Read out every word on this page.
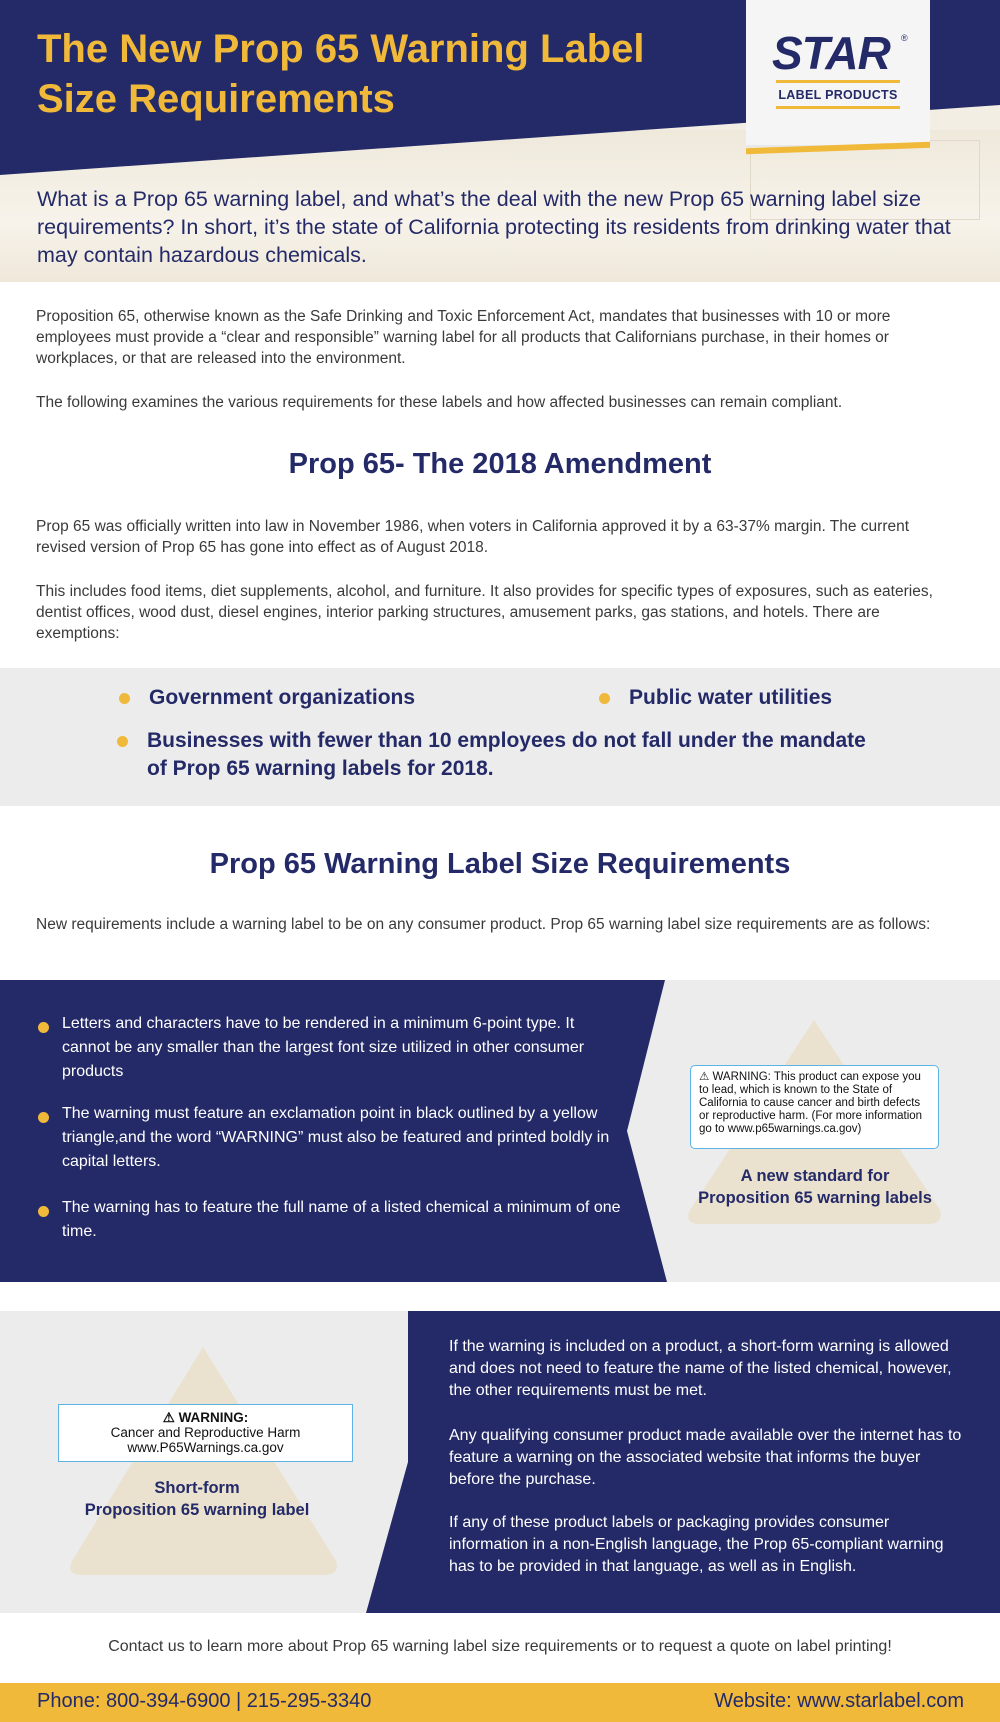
The New Prop 65 Warning Label
Size Requirements

What is a Prop 65 warning label, and what’s the deal with the new Prop 65 warning label size requirements? In short, it’s the state of California protecting its residents from drinking water that may contain hazardous chemicals.

STAR ®
LABEL PRODUCTS

Proposition 65, otherwise known as the Safe Drinking and Toxic Enforcement Act, mandates that businesses with 10 or more employees must provide a “clear and responsible” warning label for all products that Californians purchase, in their homes or workplaces, or that are released into the environment.

The following examines the various requirements for these labels and how affected businesses can remain compliant.

Prop 65- The 2018 Amendment

Prop 65 was officially written into law in November 1986, when voters in California approved it by a 63-37% margin. The current revised version of Prop 65 has gone into effect as of August 2018.

This includes food items, diet supplements, alcohol, and furniture. It also provides for specific types of exposures, such as eateries, dentist offices, wood dust, diesel engines, interior parking structures, amusement parks, gas stations, and hotels. There are exemptions:

Government organizations	Public water utilities
Businesses with fewer than 10 employees do not fall under the mandate of Prop 65 warning labels for 2018.
Prop 65 Warning Label Size Requirements

New requirements include a warning label to be on any consumer product. Prop 65 warning label size requirements are as follows:

Letters and characters have to be rendered in a minimum 6-point type. It cannot be any smaller than the largest font size utilized in other consumer products
The warning must feature an exclamation point in black outlined by a yellow triangle,and the word “WARNING” must also be featured and printed boldly in capital letters.
The warning has to feature the full name of a listed chemical a minimum of one time.
⚠ WARNING: This product can expose you to lead, which is known to the State of California to cause cancer and birth defects or reproductive harm. (For more information go to www.p65warnings.ca.gov)
A new standard for
Proposition 65 warning labels
⚠ WARNING:
Cancer and Reproductive Harm
www.P65Warnings.ca.gov
Short-form
Proposition 65 warning label

If the warning is included on a product, a short-form warning is allowed and does not need to feature the name of the listed chemical, however, the other requirements must be met.

Any qualifying consumer product made available over the internet has to feature a warning on the associated website that informs the buyer before the purchase.

If any of these product labels or packaging provides consumer information in a non-English language, the Prop 65-compliant warning has to be provided in that language, as well as in English.

Contact us to learn more about Prop 65 warning label size requirements or to request a quote on label printing!

Phone: 800-394-6900 | 215-295-3340	Website: www.starlabel.com
